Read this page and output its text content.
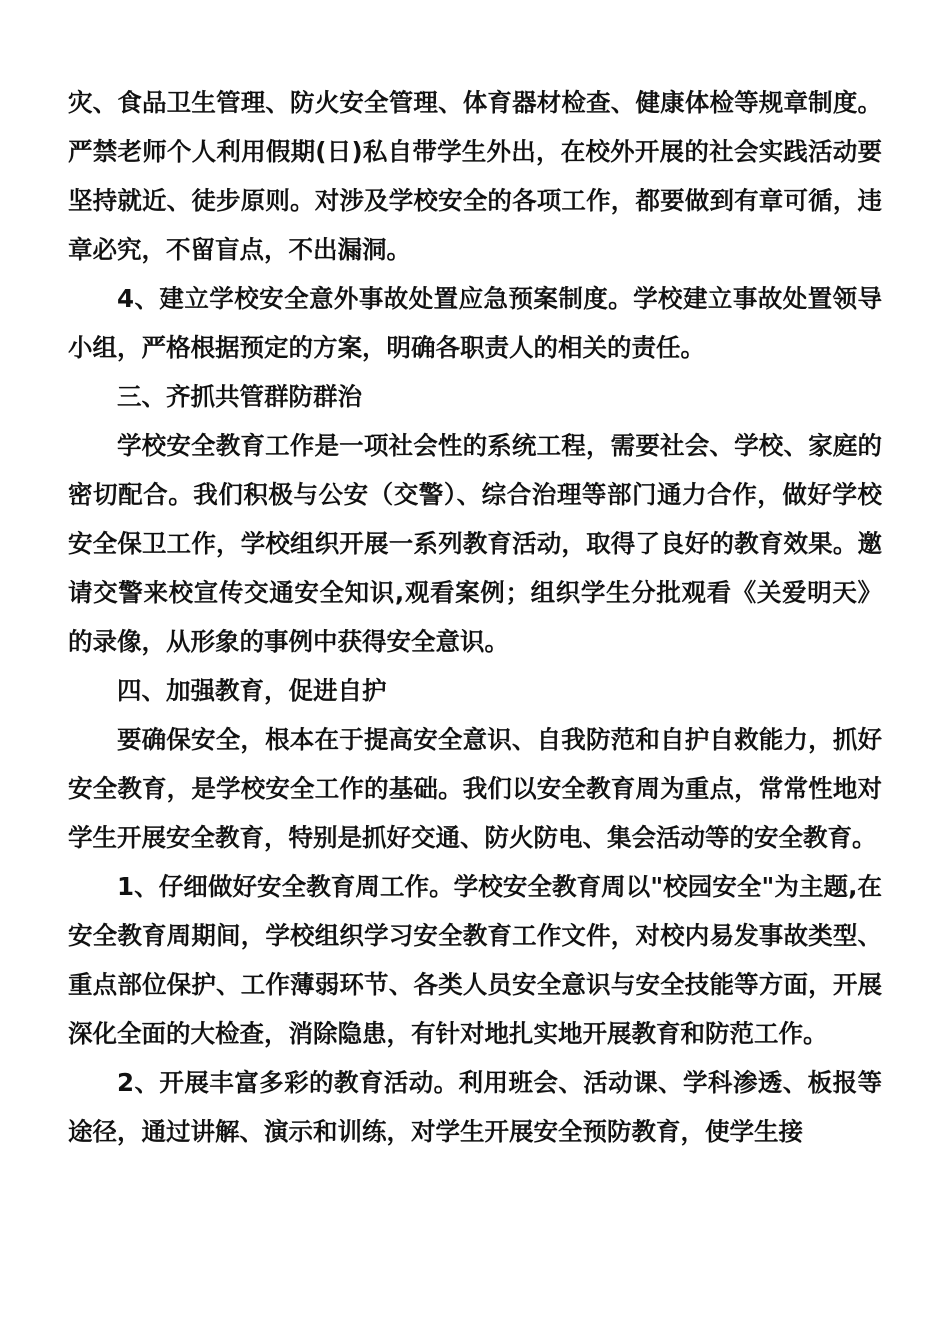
灾、食品卫生管理、防火安全管理、体育器材检查、健康体检等规章制度。严禁老师个人利用假期(日)私自带学生外出，在校外开展的社会实践活动要坚持就近、徒步原则。对涉及学校安全的各项工作，都要做到有章可循，违章必究，不留盲点，不出漏洞。

4、建立学校安全意外事故处置应急预案制度。学校建立事故处置领导小组，严格根据预定的方案，明确各职责人的相关的责任。

三、齐抓共管群防群治

学校安全教育工作是一项社会性的系统工程，需要社会、学校、家庭的密切配合。我们积极与公安（交警）、综合治理等部门通力合作，做好学校安全保卫工作，学校组织开展一系列教育活动，取得了良好的教育效果。邀请交警来校宣传交通安全知识,观看案例；组织学生分批观看《关爱明天》的录像，从形象的事例中获得安全意识。

四、加强教育，促进自护

要确保安全，根本在于提高安全意识、自我防范和自护自救能力，抓好安全教育，是学校安全工作的基础。我们以安全教育周为重点，常常性地对学生开展安全教育，特别是抓好交通、防火防电、集会活动等的安全教育。

1、仔细做好安全教育周工作。学校安全教育周以"校园安全"为主题,在安全教育周期间，学校组织学习安全教育工作文件，对校内易发事故类型、重点部位保护、工作薄弱环节、各类人员安全意识与安全技能等方面，开展深化全面的大检查，消除隐患，有针对地扎实地开展教育和防范工作。

2、开展丰富多彩的教育活动。利用班会、活动课、学科渗透、板报等途径，通过讲解、演示和训练，对学生开展安全预防教育，使学生接
